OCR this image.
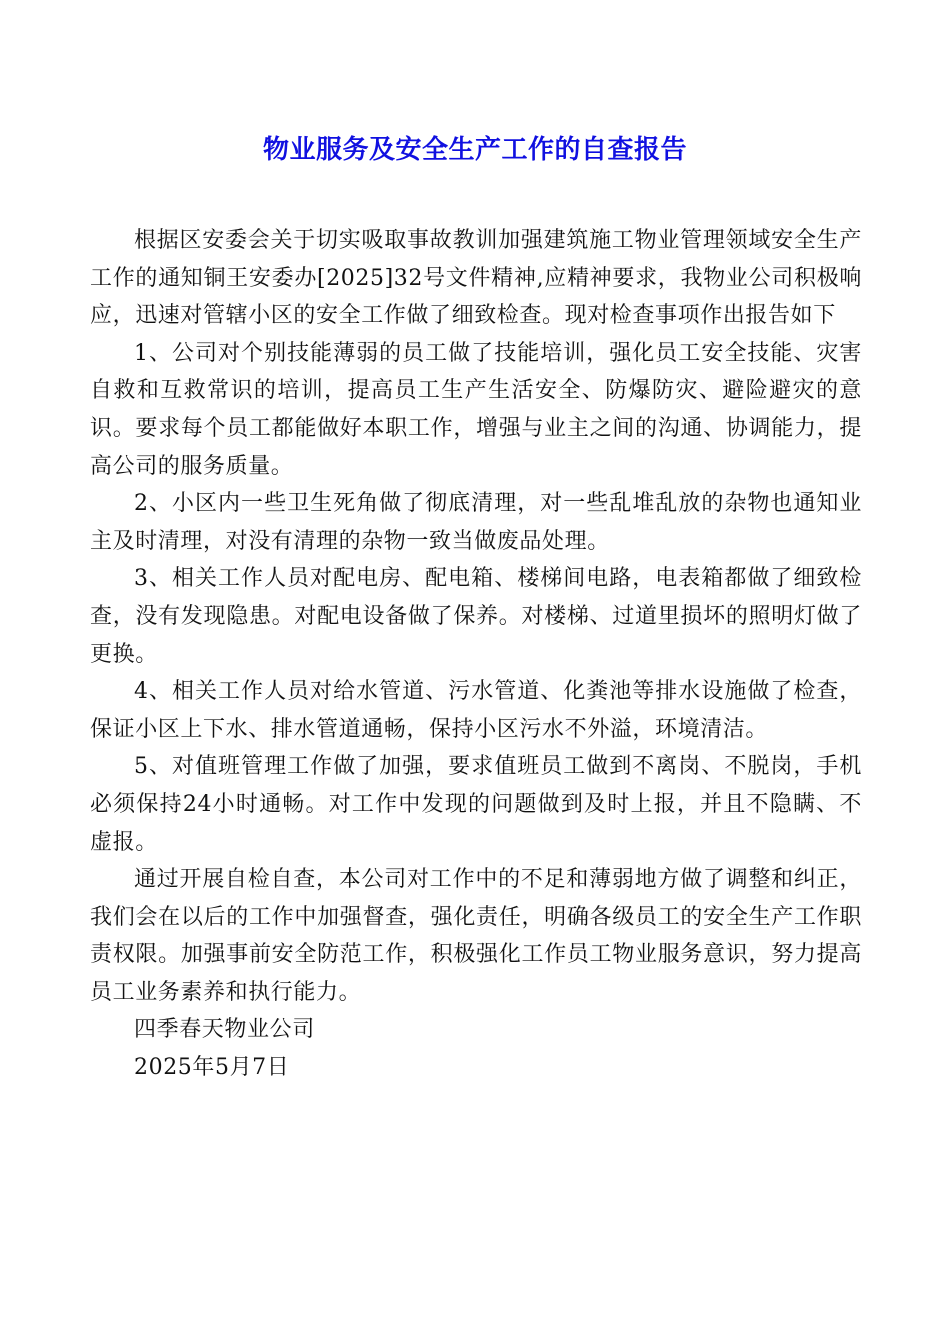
物业服务及安全生产工作的自查报告

根据区安委会关于切实吸取事故教训加强建筑施工物业管理领域安全生产工作的通知铜王安委办[2025]32号文件精神,应精神要求，我物业公司积极响应，迅速对管辖小区的安全工作做了细致检查。现对检查事项作出报告如下

1、公司对个别技能薄弱的员工做了技能培训，强化员工安全技能、灾害自救和互救常识的培训，提高员工生产生活安全、防爆防灾、避险避灾的意识。要求每个员工都能做好本职工作，增强与业主之间的沟通、协调能力，提高公司的服务质量。

2、小区内一些卫生死角做了彻底清理，对一些乱堆乱放的杂物也通知业主及时清理，对没有清理的杂物一致当做废品处理。

3、相关工作人员对配电房、配电箱、楼梯间电路，电表箱都做了细致检查，没有发现隐患。对配电设备做了保养。对楼梯、过道里损坏的照明灯做了更换。

4、相关工作人员对给水管道、污水管道、化粪池等排水设施做了检查，保证小区上下水、排水管道通畅，保持小区污水不外溢，环境清洁。

5、对值班管理工作做了加强，要求值班员工做到不离岗、不脱岗，手机必须保持24小时通畅。对工作中发现的问题做到及时上报，并且不隐瞒、不虚报。

通过开展自检自查，本公司对工作中的不足和薄弱地方做了调整和纠正，我们会在以后的工作中加强督查，强化责任，明确各级员工的安全生产工作职责权限。加强事前安全防范工作，积极强化工作员工物业服务意识，努力提高员工业务素养和执行能力。

四季春天物业公司

2025年5月7日
